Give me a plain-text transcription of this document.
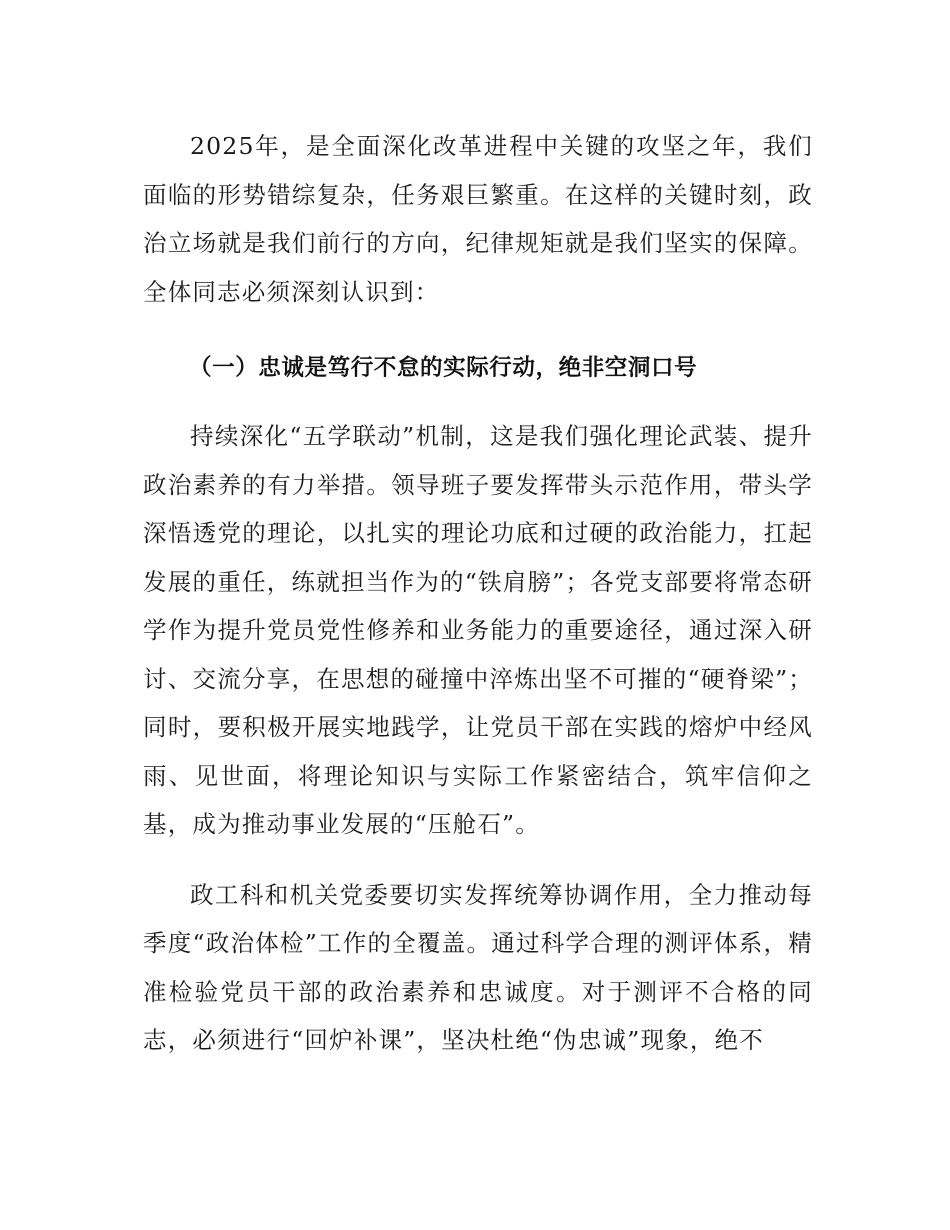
2025年，是全面深化改革进程中关键的攻坚之年，我们面临的形势错综复杂，任务艰巨繁重。在这样的关键时刻，政治立场就是我们前行的方向，纪律规矩就是我们坚实的保障。全体同志必须深刻认识到：

（一）忠诚是笃行不怠的实际行动，绝非空洞口号

持续深化“五学联动”机制，这是我们强化理论武装、提升政治素养的有力举措。领导班子要发挥带头示范作用，带头学深悟透党的理论，以扎实的理论功底和过硬的政治能力，扛起发展的重任，练就担当作为的“铁肩膀”；各党支部要将常态研学作为提升党员党性修养和业务能力的重要途径，通过深入研讨、交流分享，在思想的碰撞中淬炼出坚不可摧的“硬脊梁”；同时，要积极开展实地践学，让党员干部在实践的熔炉中经风雨、见世面，将理论知识与实际工作紧密结合，筑牢信仰之基，成为推动事业发展的“压舱石”。

政工科和机关党委要切实发挥统筹协调作用，全力推动每季度“政治体检”工作的全覆盖。通过科学合理的测评体系，精准检验党员干部的政治素养和忠诚度。对于测评不合格的同志，必须进行“回炉补课”，坚决杜绝“伪忠诚”现象，绝不
